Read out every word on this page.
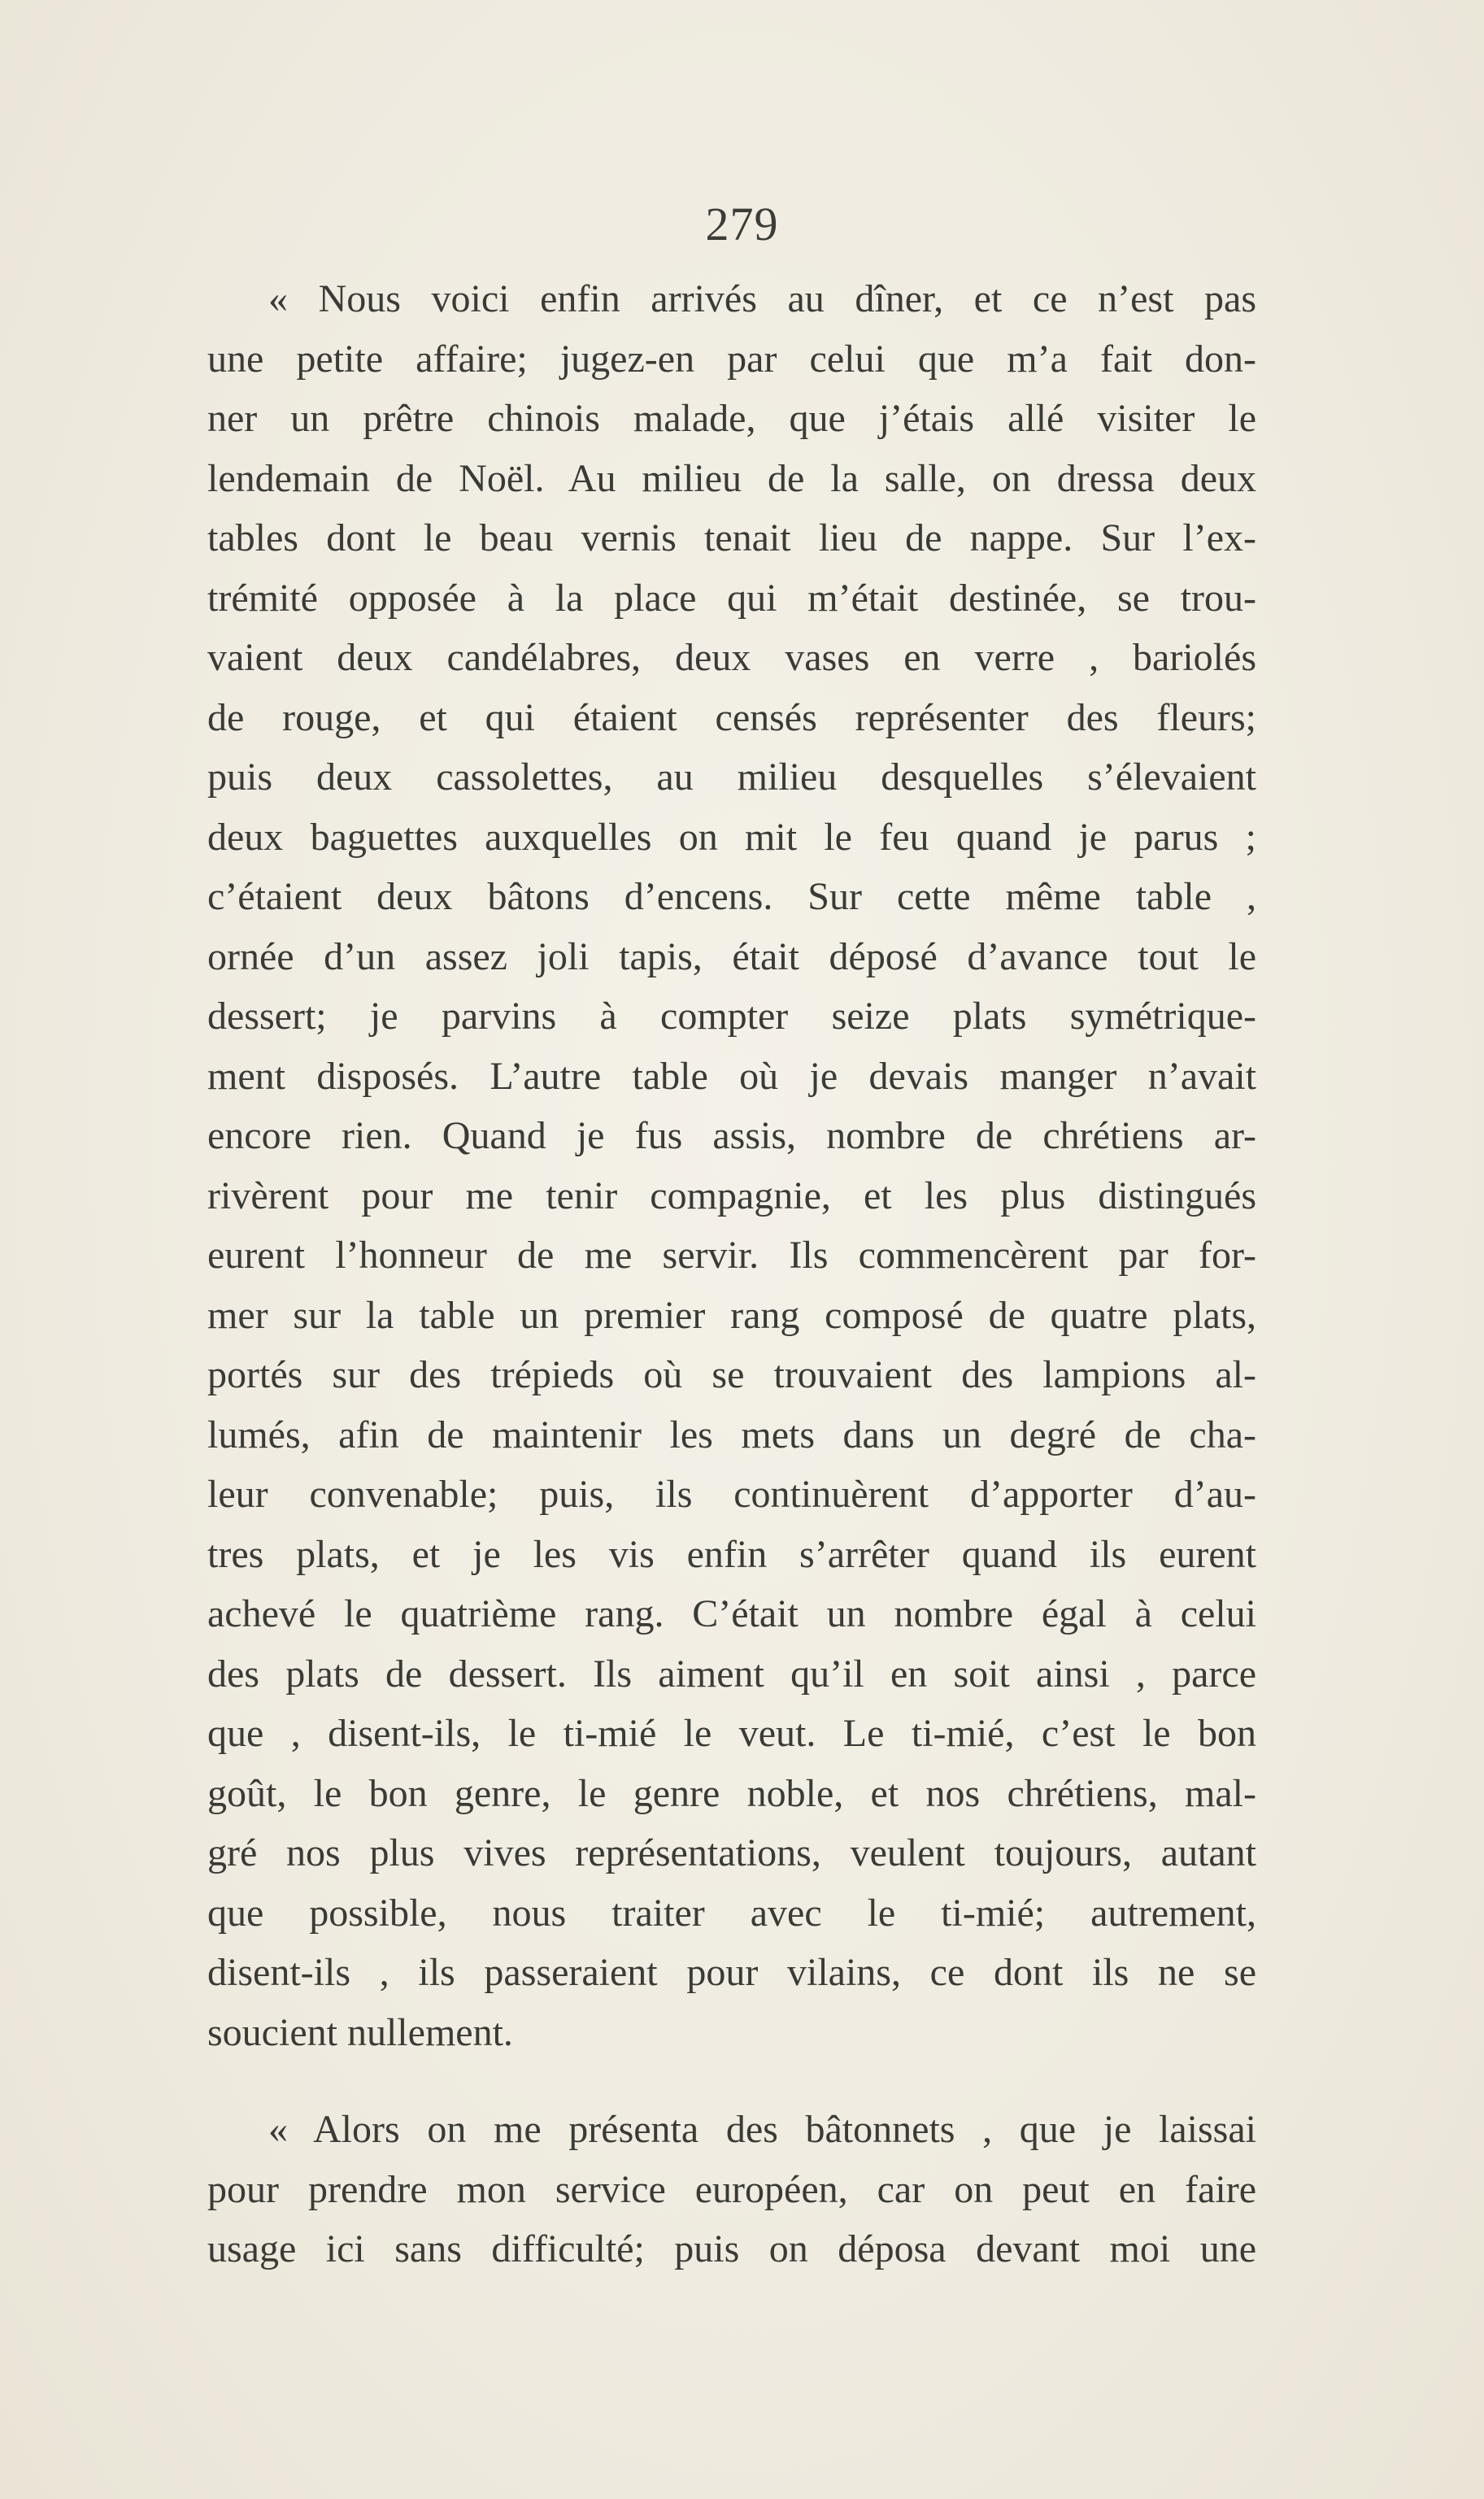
279
« Nous voici enfin arrivés au dîner, et ce n’est pas
une petite affaire; jugez-en par celui que m’a fait don-
ner un prêtre chinois malade, que j’étais allé visiter le
lendemain de Noël. Au milieu de la salle, on dressa deux
tables dont le beau vernis tenait lieu de nappe. Sur l’ex-
trémité opposée à la place qui m’était destinée, se trou-
vaient deux candélabres, deux vases en verre , bariolés
de rouge, et qui étaient censés représenter des fleurs;
puis deux cassolettes, au milieu desquelles s’élevaient
deux baguettes auxquelles on mit le feu quand je parus ;
c’étaient deux bâtons d’encens. Sur cette même table ,
ornée d’un assez joli tapis, était déposé d’avance tout le
dessert; je parvins à compter seize plats symétrique-
ment disposés. L’autre table où je devais manger n’avait
encore rien. Quand je fus assis, nombre de chrétiens ar-
rivèrent pour me tenir compagnie, et les plus distingués
eurent l’honneur de me servir. Ils commencèrent par for-
mer sur la table un premier rang composé de quatre plats,
portés sur des trépieds où se trouvaient des lampions al-
lumés, afin de maintenir les mets dans un degré de cha-
leur convenable; puis, ils continuèrent d’apporter d’au-
tres plats, et je les vis enfin s’arrêter quand ils eurent
achevé le quatrième rang. C’était un nombre égal à celui
des plats de dessert. Ils aiment qu’il en soit ainsi , parce
que , disent-ils, le ti-mié le veut. Le ti-mié, c’est le bon
goût, le bon genre, le genre noble, et nos chrétiens, mal-
gré nos plus vives représentations, veulent toujours, autant
que possible, nous traiter avec le ti-mié; autrement,
disent-ils , ils passeraient pour vilains, ce dont ils ne se
soucient nullement.
« Alors on me présenta des bâtonnets , que je laissai
pour prendre mon service européen, car on peut en faire
usage ici sans difficulté; puis on déposa devant moi une
